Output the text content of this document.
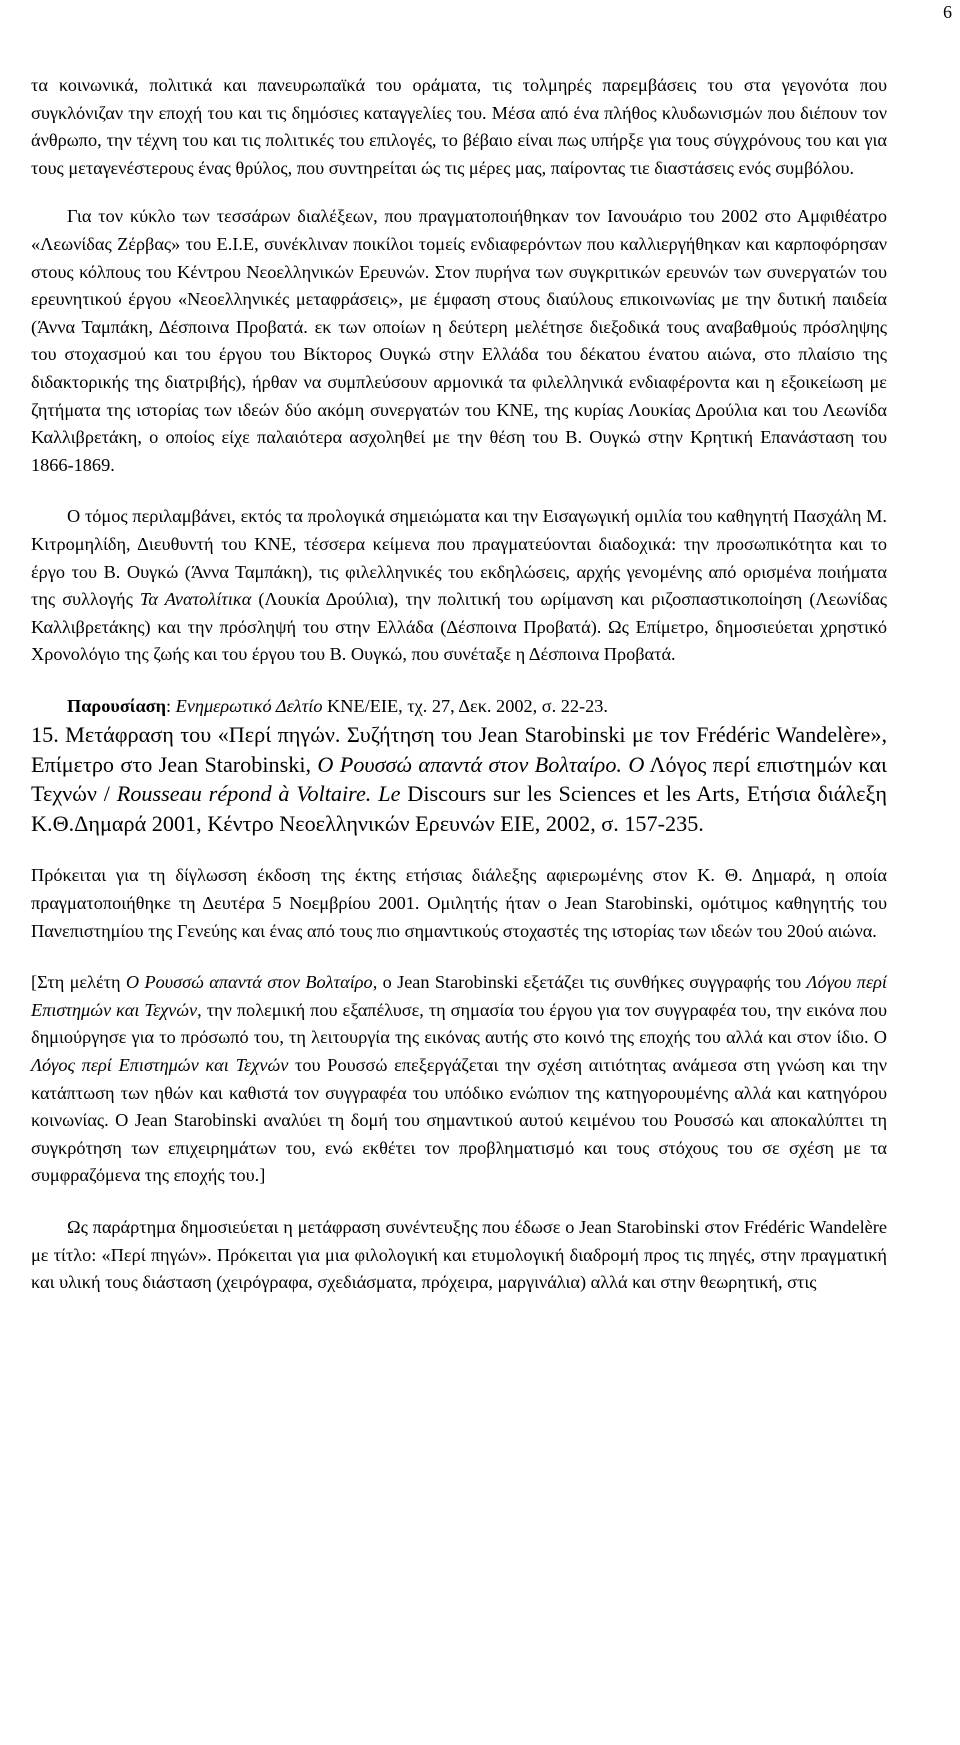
6

τα κοινωνικά, πολιτικά και πανευρωπαϊκά του οράματα, τις τολμηρές παρεμβάσεις του στα γεγονότα που συγκλόνιζαν την εποχή του και τις δημόσιες καταγγελίες του. Μέσα από ένα πλήθος κλυδωνισμών που διέπουν τον άνθρωπο, την τέχνη του και τις πολιτικές του επιλογές, το βέβαιο είναι πως υπήρξε για τους σύγχρόνους του και για τους μεταγενέστερους ένας θρύλος, που συντηρείται ώς τις μέρες μας, παίροντας τιε διαστάσεις ενός συμβόλου.

Για τον κύκλο των τεσσάρων διαλέξεων, που πραγματοποιήθηκαν τον Ιανουάριο του 2002 στο Αμφιθέατρο «Λεωνίδας Ζέρβας» του Ε.Ι.Ε, συνέκλιναν ποικίλοι τομείς ενδιαφερόντων που καλλιεργήθηκαν και καρποφόρησαν στους κόλπους του Κέντρου Νεοελληνικών Ερευνών. Στον πυρήνα των συγκριτικών ερευνών των συνεργατών του ερευνητικού έργου «Νεοελληνικές μεταφράσεις», με έμφαση στους διαύλους επικοινωνίας με την δυτική παιδεία (Άννα Ταμπάκη, Δέσποινα Προβατά. εκ των οποίων η δεύτερη μελέτησε διεξοδικά τους αναβαθμούς πρόσληψης του στοχασμού και του έργου του Βίκτορος Ουγκώ στην Ελλάδα του δέκατου ένατου αιώνα, στο πλαίσιο της διδακτορικής της διατριβής), ήρθαν να συμπλεύσουν αρμονικά τα φιλελληνικά ενδιαφέροντα και η εξοικείωση με ζητήματα της ιστορίας των ιδεών δύο ακόμη συνεργατών του ΚΝΕ, της κυρίας Λουκίας Δρούλια και του Λεωνίδα Καλλιβρετάκη, ο οποίος είχε παλαιότερα ασχοληθεί με την θέση του Β. Ουγκώ στην Κρητική Επανάσταση του 1866-1869.

Ο τόμος περιλαμβάνει, εκτός τα προλογικά σημειώματα και την Εισαγωγική ομιλία του καθηγητή Πασχάλη Μ. Κιτρομηλίδη, Διευθυντή του ΚΝΕ, τέσσερα κείμενα που πραγματεύονται διαδοχικά: την προσωπικότητα και το έργο του Β. Ουγκώ (Άννα Ταμπάκη), τις φιλελληνικές του εκδηλώσεις, αρχής γενομένης από ορισμένα ποιήματα της συλλογής Τα Ανατολίτικα (Λουκία Δρούλια), την πολιτική του ωρίμανση και ριζοσπαστικοποίηση (Λεωνίδας Καλλιβρετάκης) και την πρόσληψή του στην Ελλάδα (Δέσποινα Προβατά). Ως Επίμετρο, δημοσιεύεται χρηστικό Χρονολόγιο της ζωής και του έργου του Β. Ουγκώ, που συνέταξε η Δέσποινα Προβατά.

Παρουσίαση: Ενημερωτικό Δελτίο ΚΝΕ/ΕΙΕ, τχ. 27, Δεκ. 2002, σ. 22-23.

15. Μετάφραση του «Περί πηγών. Συζήτηση του Jean Starobinski με τον Frédéric Wandelère», Επίμετρο στο Jean Starobinski, Ο Ρουσσώ απαντά στον Βολταίρο. Ο Λόγος περί επιστημών και Τεχνών / Rousseau répond à Voltaire. Le Discours sur les Sciences et les Arts, Ετήσια διάλεξη Κ.Θ.Δημαρά 2001, Κέντρο Νεοελληνικών Ερευνών ΕΙΕ, 2002, σ. 157-235.

Πρόκειται για τη δίγλωσση έκδοση της έκτης ετήσιας διάλεξης αφιερωμένης στον Κ. Θ. Δημαρά, η οποία πραγματοποιήθηκε τη Δευτέρα 5 Νοεμβρίου 2001. Ομιλητής ήταν ο Jean Starobinski, ομότιμος καθηγητής του Πανεπιστημίου της Γενεύης και ένας από τους πιο σημαντικούς στοχαστές της ιστορίας των ιδεών του 20ού αιώνα.

[Στη μελέτη Ο Ρουσσώ απαντά στον Βολταίρο, ο Jean Starobinski εξετάζει τις συνθήκες συγγραφής του Λόγου περί Επιστημών και Τεχνών, την πολεμική που εξαπέλυσε, τη σημασία του έργου για τον συγγραφέα του, την εικόνα που δημιούργησε για το πρόσωπό του, τη λειτουργία της εικόνας αυτής στο κοινό της εποχής του αλλά και στον ίδιο. Ο Λόγος περί Επιστημών και Τεχνών του Ρουσσώ επεξεργάζεται την σχέση αιτιότητας ανάμεσα στη γνώση και την κατάπτωση των ηθών και καθιστά τον συγγραφέα του υπόδικο ενώπιον της κατηγορουμένης αλλά και κατηγόρου κοινωνίας. Ο Jean Starobinski αναλύει τη δομή του σημαντικού αυτού κειμένου του Ρουσσώ και αποκαλύπτει τη συγκρότηση των επιχειρημάτων του, ενώ εκθέτει τον προβληματισμό και τους στόχους του σε σχέση με τα συμφραζόμενα της εποχής του.]

Ως παράρτημα δημοσιεύεται η μετάφραση συνέντευξης που έδωσε ο Jean Starobinski στον Frédéric Wandelère με τίτλο: «Περί πηγών». Πρόκειται για μια φιλολογική και ετυμολογική διαδρομή προς τις πηγές, στην πραγματική και υλική τους διάσταση (χειρόγραφα, σχεδιάσματα, πρόχειρα, μαργινάλια) αλλά και στην θεωρητική, στις
